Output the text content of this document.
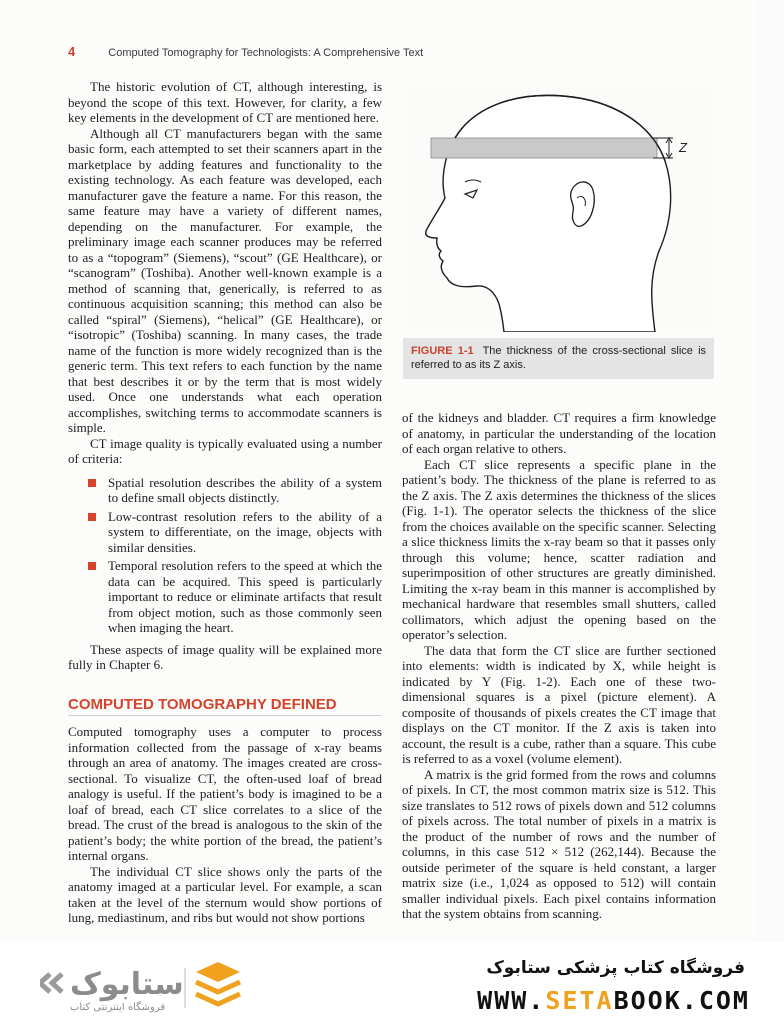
4	Computed Tomography for Technologists: A Comprehensive Text

The historic evolution of CT, although interesting, is beyond the scope of this text. However, for clarity, a few key elements in the development of CT are mentioned here.

Although all CT manufacturers began with the same basic form, each attempted to set their scanners apart in the marketplace by adding features and functionality to the existing technology. As each feature was developed, each manufacturer gave the feature a name. For this reason, the same feature may have a variety of different names, depending on the manufacturer. For example, the preliminary image each scanner produces may be referred to as a “topogram” (Siemens), “scout” (GE Healthcare), or “scanogram” (Toshiba). Another well-known example is a method of scanning that, generically, is referred to as continuous acquisition scanning; this method can also be called “spiral” (Siemens), “helical” (GE Healthcare), or “isotropic” (Toshiba) scanning. In many cases, the trade name of the function is more widely recognized than is the generic term. This text refers to each function by the name that best describes it or by the term that is most widely used. Once one understands what each operation accomplishes, switching terms to accommodate scanners is simple.

CT image quality is typically evaluated using a number of criteria:

Spatial resolution describes the ability of a system to define small objects distinctly.
Low-contrast resolution refers to the ability of a system to differentiate, on the image, objects with similar densities.
Temporal resolution refers to the speed at which the data can be acquired. This speed is particularly important to reduce or eliminate artifacts that result from object motion, such as those commonly seen when imaging the heart.

These aspects of image quality will be explained more fully in Chapter 6.

COMPUTED TOMOGRAPHY DEFINED

Computed tomography uses a computer to process information collected from the passage of x-ray beams through an area of anatomy. The images created are cross-sectional. To visualize CT, the often-used loaf of bread analogy is useful. If the patient’s body is imagined to be a loaf of bread, each CT slice correlates to a slice of the bread. The crust of the bread is analogous to the skin of the patient’s body; the white portion of the bread, the patient’s internal organs.

The individual CT slice shows only the parts of the anatomy imaged at a particular level. For example, a scan taken at the level of the sternum would show portions of lung, mediastinum, and ribs but would not show portions

Z
FIGURE 1-1 The thickness of the cross-sectional slice is referred to as its Z axis.

of the kidneys and bladder. CT requires a firm knowledge of anatomy, in particular the understanding of the location of each organ relative to others.

Each CT slice represents a specific plane in the patient’s body. The thickness of the plane is referred to as the Z axis. The Z axis determines the thickness of the slices (Fig. 1-1). The operator selects the thickness of the slice from the choices available on the specific scanner. Selecting a slice thickness limits the x-ray beam so that it passes only through this volume; hence, scatter radiation and superimposition of other structures are greatly diminished. Limiting the x-ray beam in this manner is accomplished by mechanical hardware that resembles small shutters, called collimators, which adjust the opening based on the operator’s selection.

The data that form the CT slice are further sectioned into elements: width is indicated by X, while height is indicated by Y (Fig. 1-2). Each one of these two-dimensional squares is a pixel (picture element). A composite of thousands of pixels creates the CT image that displays on the CT monitor. If the Z axis is taken into account, the result is a cube, rather than a square. This cube is referred to as a voxel (volume element).

A matrix is the grid formed from the rows and columns of pixels. In CT, the most common matrix size is 512. This size translates to 512 rows of pixels down and 512 columns of pixels across. The total number of pixels in a matrix is the product of the number of rows and the number of columns, in this case 512 × 512 (262,144). Because the outside perimeter of the square is held constant, a larger matrix size (i.e., 1,024 as opposed to 512) will contain smaller individual pixels. Each pixel contains information that the system obtains from scanning.

ستابوک
فروشگاه اینترنتی کتاب
فروشگاه کتاب پزشکی ستابوک
WWW.SETABOOK.COM
